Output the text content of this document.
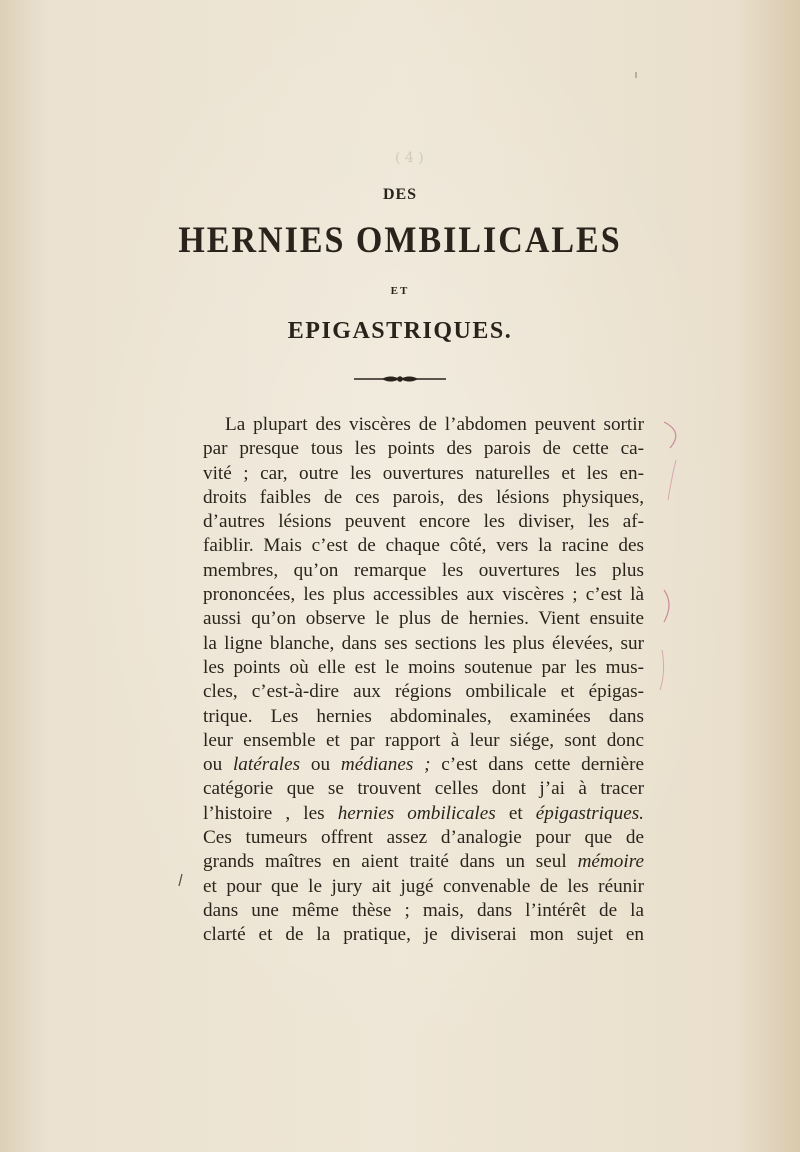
( 4 )
DES
HERNIES OMBILICALES
ET
EPIGASTRIQUES.
La plupart des viscères de l’abdomen peuvent sortir
par presque tous les points des parois de cette ca-
vité ; car, outre les ouvertures naturelles et les en-
droits faibles de ces parois, des lésions physiques,
d’autres lésions peuvent encore les diviser, les af-
faiblir. Mais c’est de chaque côté, vers la racine des
membres, qu’on remarque les ouvertures les plus
prononcées, les plus accessibles aux viscères ; c’est là
aussi qu’on observe le plus de hernies. Vient ensuite
la ligne blanche, dans ses sections les plus élevées, sur
les points où elle est le moins soutenue par les mus-
cles, c’est-à-dire aux régions ombilicale et épigas-
trique. Les hernies abdominales, examinées dans
leur ensemble et par rapport à leur siége, sont donc
ou latérales ou médianes ; c’est dans cette dernière
catégorie que se trouvent celles dont j’ai à tracer
l’histoire , les hernies ombilicales et épigastriques.
Ces tumeurs offrent assez d’analogie pour que de
grands maîtres en aient traité dans un seul mémoire
et pour que le jury ait jugé convenable de les réunir
dans une même thèse ; mais, dans l’intérêt de la
clarté et de la pratique, je diviserai mon sujet en
